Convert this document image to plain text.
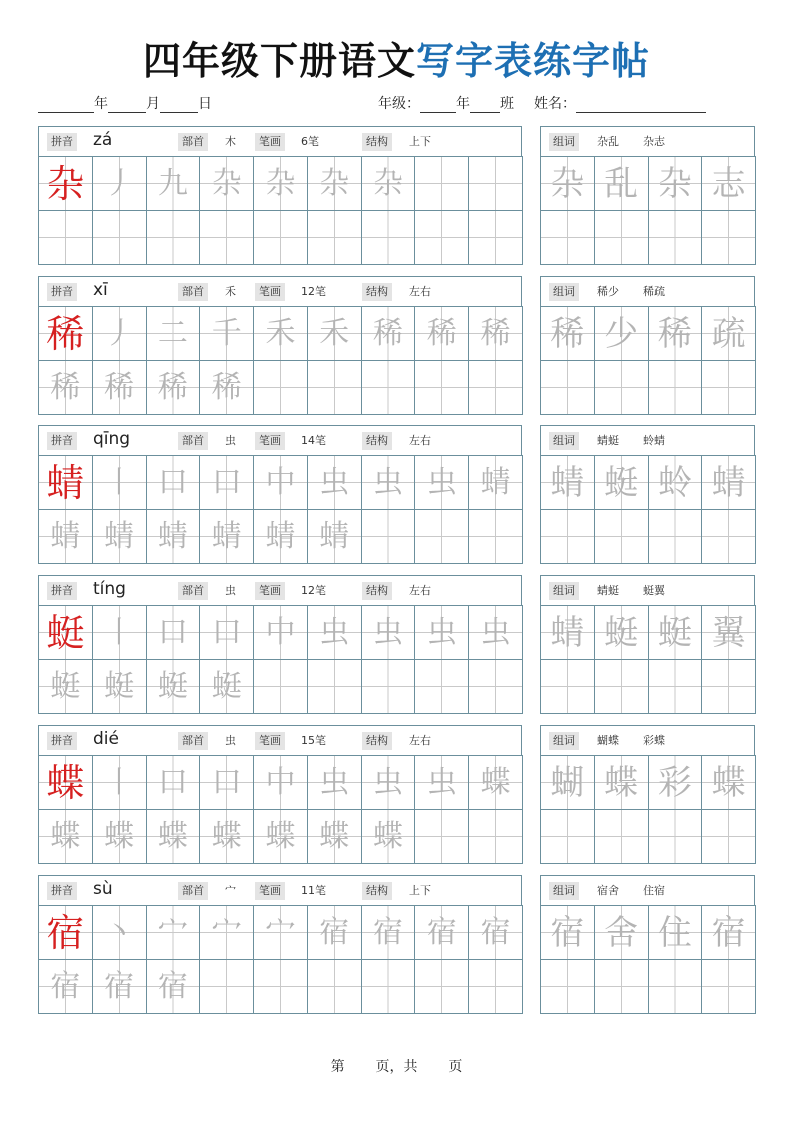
四年级下册语文写字表练字帖
年	月	日	年级：	年 班 姓名：
拼音 zá	部首	木	笔画	6笔	结构	上下	组词	杂乱 杂志
杂 丿 九 杂 杂 杂 杂	杂 乱 杂 志
拼音 xī	部首	禾	笔画	12笔	结构	左右	组词	稀少 稀疏
稀 丿 二 千 禾 禾 稀 稀 稀
稀 稀 稀 稀
稀 少 稀 疏
拼音 qīng	部首	虫	笔画	14笔	结构	左右	组词	蜻蜓 蛉蜻
蜻 丨 口 口 中 虫 虫 虫 蜻
蜻 蜻 蜻 蜻 蜻 蜻
蜻 蜓 蛉 蜻
拼音 tíng	部首	虫	笔画	12笔	结构	左右	组词	蜻蜓 蜓翼
蜓 丨 口 口 中 虫 虫 虫 虫
蜓 蜓 蜓 蜓
蜻 蜓 蜓 翼
拼音 dié	部首	虫	笔画	15笔	结构	左右	组词	蝴蝶 彩蝶
蝶 丨 口 口 中 虫 虫 虫 蝶
蝶 蝶 蝶 蝶 蝶 蝶 蝶
蝴 蝶 彩 蝶
拼音 sù	部首	宀	笔画	11笔	结构	上下	组词	宿舍 住宿
宿 丶 宀 宀 宀 宿 宿 宿 宿
宿 宿 宿
宿 舍 住 宿
第 页，共 页
